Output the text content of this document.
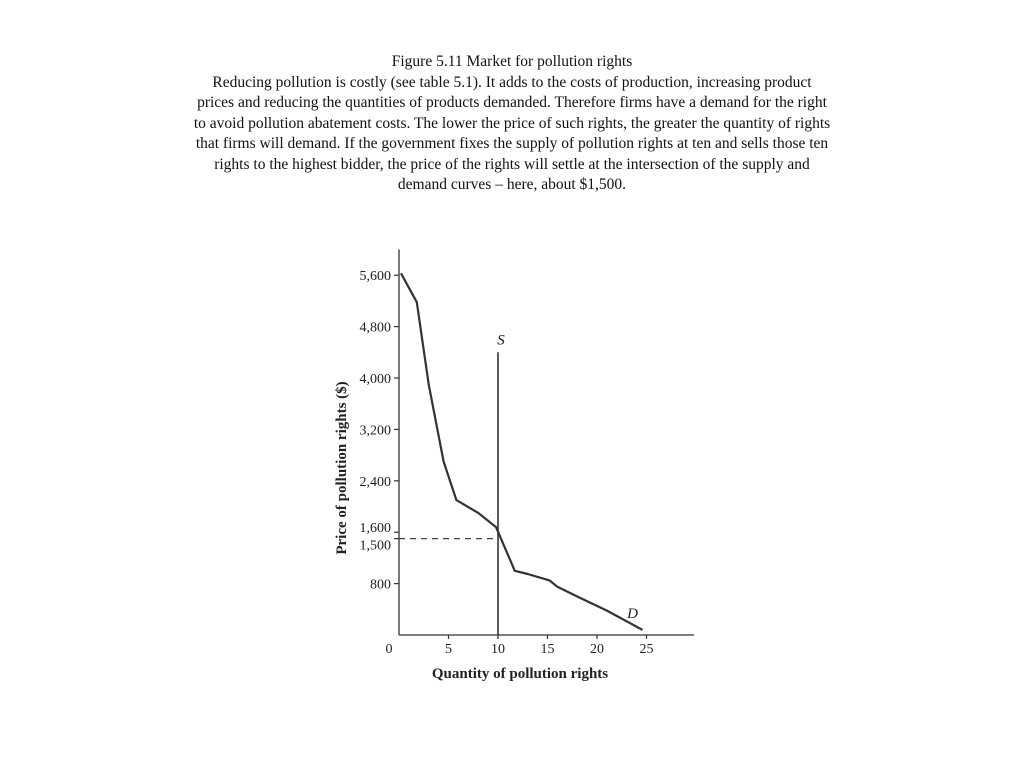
Figure 5.11 Market for pollution rights
Reducing pollution is costly (see table 5.1). It adds to the costs of production, increasing product prices and reducing the quantities of products demanded. Therefore firms have a demand for the right to avoid pollution abatement costs. The lower the price of such rights, the greater the quantity of rights that firms will demand. If the government fixes the supply of pollution rights at ten and sells those ten rights to the highest bidder, the price of the rights will settle at the intersection of the supply and demand curves – here, about $1,500.
800
1,500
1,600
2,400
3,200
4,000
4,800
5,600
0	5	10	15	20	25
D
S
Quantity of pollution rights
Price of pollution rights ($)
